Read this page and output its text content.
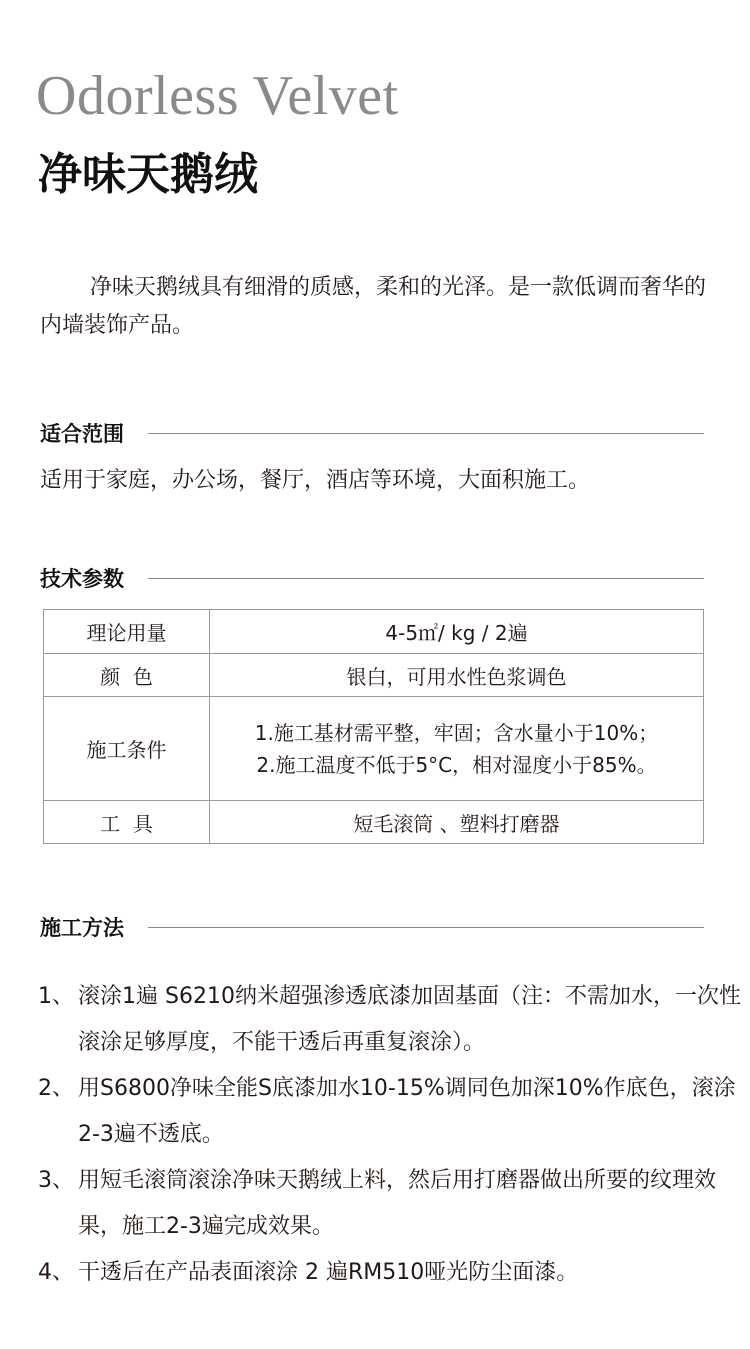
Odorless Velvet
净味天鹅绒

净味天鹅绒具有细滑的质感，柔和的光泽。是一款低调而奢华的内墙装饰产品。

适合范围
适用于家庭，办公场，餐厅，酒店等环境，大面积施工。
技术参数
理论用量	4-5㎡/ kg / 2遍
颜  色	银白，可用水性色浆调色
施工条件	1.施工基材需平整，牢固；含水量小于10%；
2.施工温度不低于5°C，相对湿度小于85%。

工  具	短毛滚筒 、塑料打磨器
施工方法
1、 滚涂1遍 S6210纳米超强渗透底漆加固基面（注：不需加水，一次性滚涂足够厚度，不能干透后再重复滚涂）。
2、 用S6800净味全能S底漆加水10-15%调同色加深10%作底色，滚涂2-3遍不透底。
3、 用短毛滚筒滚涂净味天鹅绒上料，然后用打磨器做出所要的纹理效果，施工2-3遍完成效果。
4、 干透后在产品表面滚涂 2 遍RM510哑光防尘面漆。
